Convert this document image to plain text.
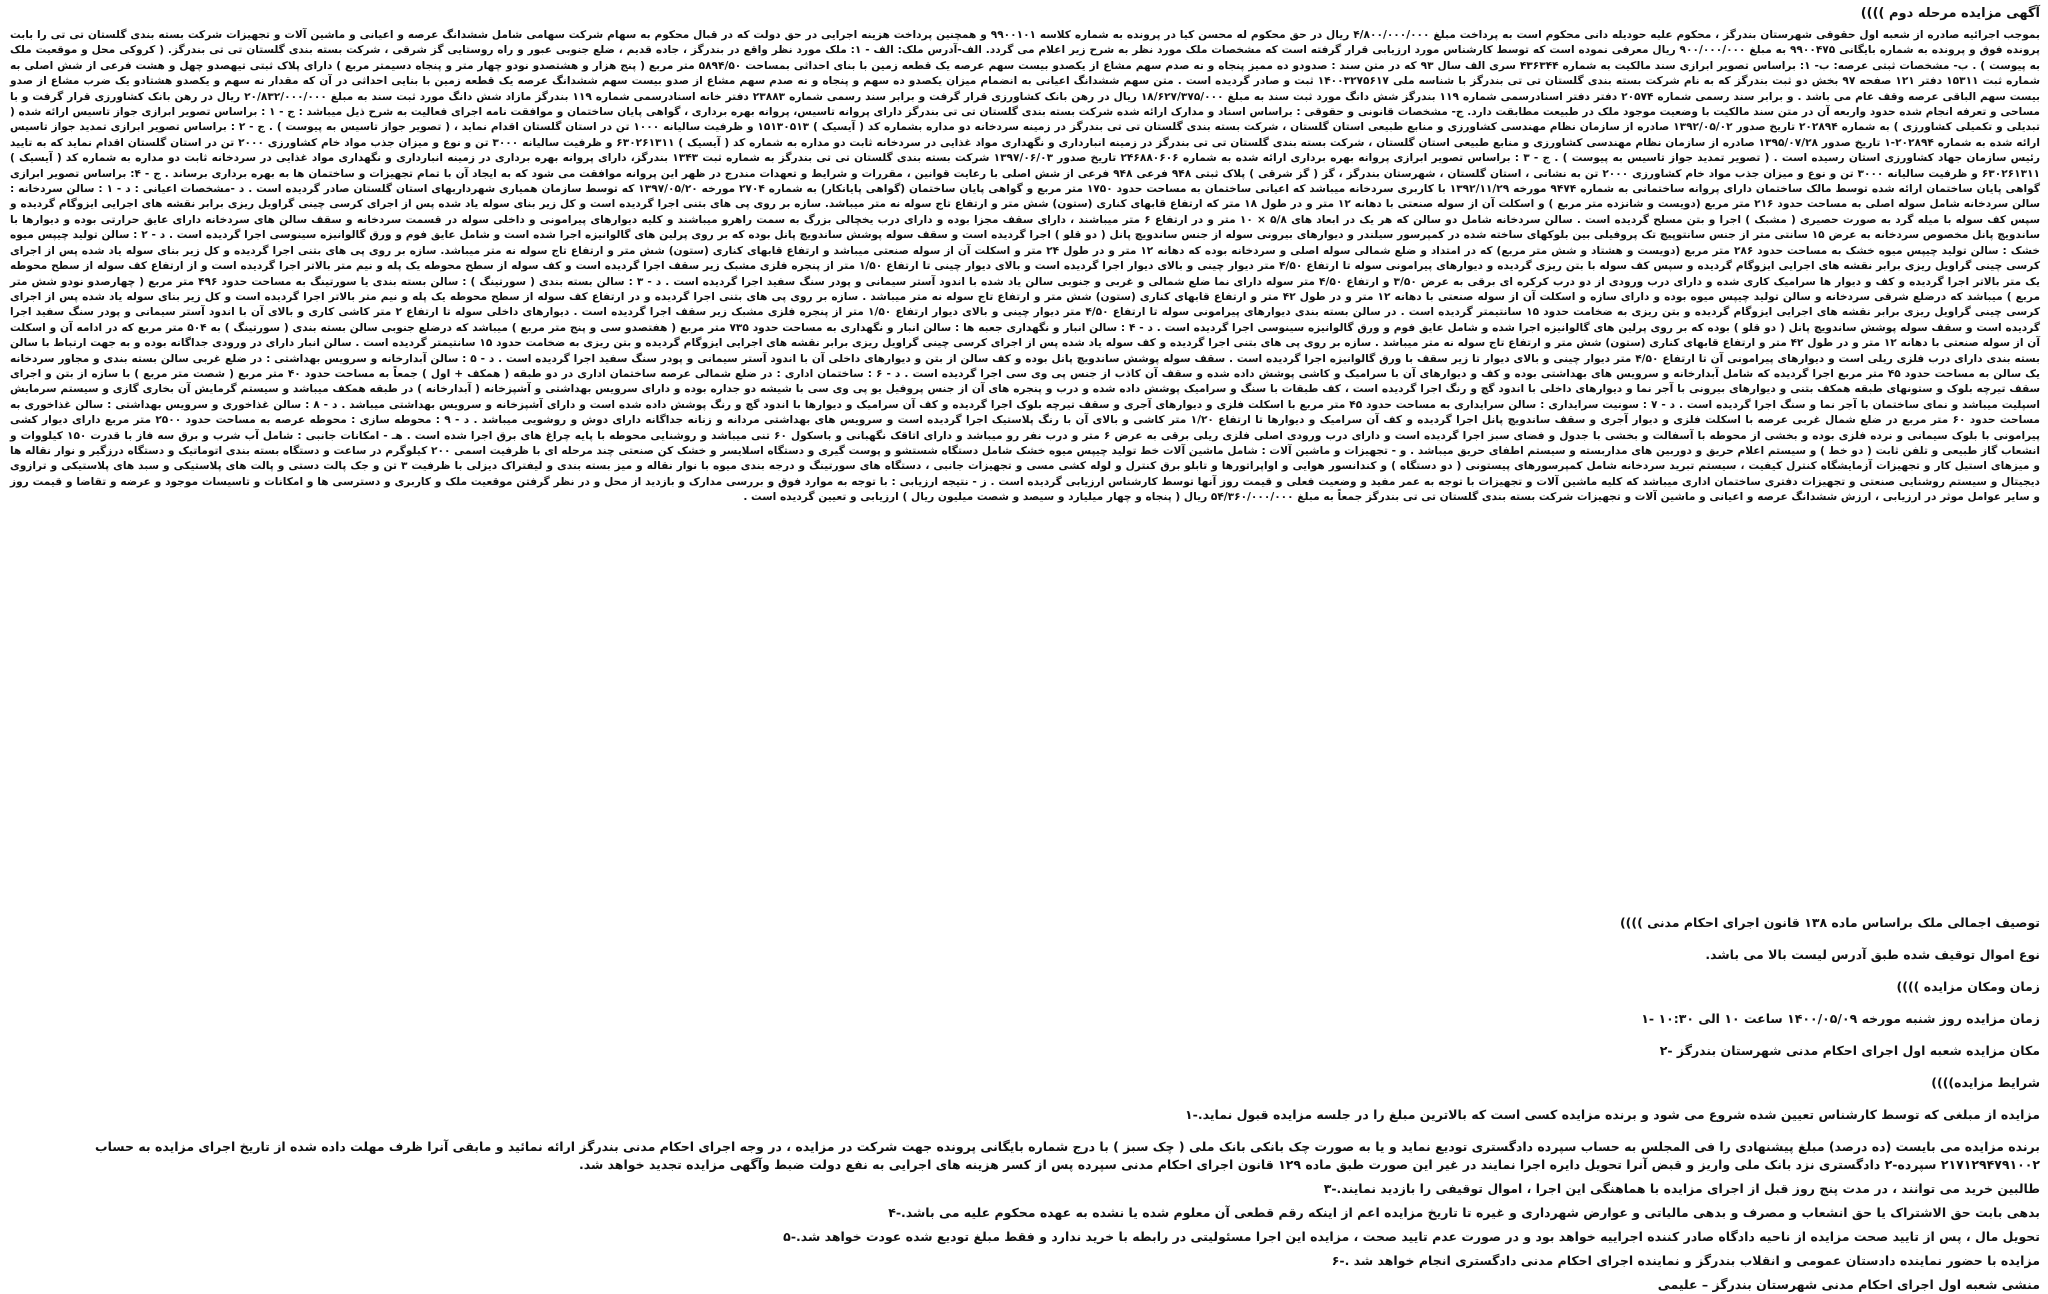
آگهی مزایده مرحله دوم ))))

بموجب اجرائیه صادره از شعبه اول حقوقی شهرستان بندرگز ، محکوم علیه حودیله دانی محکوم است به پرداخت مبلغ ۴/۸۰۰/۰۰۰/۰۰۰ ریال در حق محکوم له محسن کیا در پرونده به شماره کلاسه ۹۹۰۰۱۰۱ و همچنین پرداخت هزینه اجرایی در حق دولت که در قبال محکوم به سهام شرکت سهامی شامل ششدانگ عرصه و اعیانی و ماشین آلات و تجهیزات شرکت بسته بندی گلستان تی تی را بابت پرونده فوق و پرونده به شماره بایگانی ۹۹۰۰۴۷۵ به مبلغ ۹۰۰/۰۰۰/۰۰۰ ریال معرفی نموده است که توسط کارشناس مورد ارزیابی قرار گرفته است که مشخصات ملک مورد نظر به شرح زیر اعلام می گردد. الف-آدرس ملک: الف - ۱: ملک مورد نظر واقع در بندرگز ، جاده قدیم ، ضلع جنوبی عبور و راه روستایی گز شرقی ، شرکت بسته بندی گلستان تی تی بندرگز. ( کروکی محل و موقعیت ملک به پیوست ) . ب- مشخصات ثبتی عرصه: ب- ۱: براساس تصویر ابرازی سند مالکیت به شماره ۴۳۶۳۴۴ سری الف سال ۹۳ که در متن سند : صدودو ده ممیز پنجاه و نه صدم سهم مشاع از یکصدو بیست سهم عرصه یک قطعه زمین با بنای احداثی بمساحت ۵۸۹۴/۵۰ متر مربع ( پنج هزار و هشتصدو نودو چهار متر و پنجاه دسیمتر مربع ) دارای پلاک ثبتی تیهصدو چهل و هشت فرعی از شش اصلی به شماره ثبت ۱۵۳۱۱ دفتر ۱۲۱ صفحه ۹۷ بخش دو ثبت بندرگز که به نام شرکت بسته بندی گلستان تی تی بندرگز با شناسه ملی ۱۴۰۰۳۲۷۵۶۱۷ ثبت و صادر گردیده است . متن سهم ششدانگ اعیانی به انضمام میزان یکصدو ده سهم و پنجاه و نه صدم سهم مشاع از صدو بیست سهم ششدانگ عرصه یک قطعه زمین با بنایی احداثی در آن که مقدار نه سهم و یکصدو هشتادو یک ضرب مشاع از صدو بیست سهم الباقی عرصه وقف عام می باشد . و برابر سند رسمی شماره ۲۰۵۷۴ دفتر دفتر اسنادرسمی شماره ۱۱۹ بندرگز شش دانگ مورد ثبت سند به مبلغ ۱۸/۶۲۷/۳۷۵/۰۰۰ ریال در رهن بانک کشاورزی قرار گرفت و برابر سند رسمی شماره ۲۳۸۸۳ دفتر خانه اسنادرسمی شماره ۱۱۹ بندرگز مازاد شش دانگ مورد ثبت سند به مبلغ ۲۰/۸۳۲/۰۰۰/۰۰۰ ریال در رهن بانک کشاورزی قرار گرفت و با مساحی و تعرفه انجام شده حدود واربعه آن در متن سند مالکیت با وضعیت موجود ملک در طبیعت مطابقت دارد. ج- مشخصات قانونی و حقوقی : براساس اسناد و مدارک ارائه شده شرکت بسته بندی گلستان تی تی بندرگز دارای پروانه تاسیس، پروانه بهره برداری ، گواهی پایان ساختمان و موافقت نامه اجرای فعالیت به شرح ذیل میباشد : ج - ۱ : براساس تصویر ابرازی جواز تاسیس ارائه شده ( تبدیلی و تکمیلی کشاورزی ) به شماره ۲۰۲۸۹۴ تاریخ صدور ۱۳۹۲/۰۵/۰۲ صادره از سازمان نظام مهندسی کشاورزی و منابع طبیعی استان گلستان ، شرکت بسته بندی گلستان تی تی بندرگز در زمینه سردخانه دو مداره بشماره کد ( آیسیک ) ۱۵۱۳۰۵۱۳ و ظرفیت سالیانه ۱۰۰۰ تن در استان گلستان اقدام نماید ، ( تصویر جواز تاسیس به پیوست ) . ج - ۲ : براساس تصویر ابرازی تمدید جواز تاسیس ارائه شده به شماره ۲۰۲۸۹۴-۱ تاریخ صدور ۱۳۹۵/۰۷/۲۸ صادره از سازمان نظام مهندسی کشاورزی و منابع طبیعی استان گلستان ، شرکت بسته بندی گلستان تی تی بندرگز در زمینه انبارداری و نگهداری مواد غذایی در سردخانه ثابت دو مداره به شماره کد ( آیسیک ) ۶۳۰۲۶۱۳۱۱ و ظرفیت سالیانه ۳۰۰۰ تن و نوع و میزان جذب مواد خام کشاورزی ۲۰۰۰ تن در استان گلستان اقدام نماید که به تایید رئیس سازمان جهاد کشاورزی استان رسیده است . ( تصویر تمدید جواز تاسیس به پیوست ) . ج - ۳ : براساس تصویر ابرازی پروانه بهره برداری ارائه شده به شماره ۲۴۶۸۸۰۶۰۶ تاریخ صدور ۱۳۹۷/۰۶/۰۳ شرکت بسته بندی گلستان تی تی بندرگز به شماره ثبت ۱۳۴۳ بندرگز، دارای پروانه بهره برداری در زمینه انبارداری و نگهداری مواد غذایی در سردخانه ثابت دو مداره به شماره کد ( آیسیک ) ۶۳۰۲۶۱۳۱۱ و ظرفیت سالیانه ۳۰۰۰ تن و نوع و میزان جذب مواد خام کشاورزی ۲۰۰۰ تن به نشانی ، استان گلستان ، شهرستان بندرگز ، گز ( گز شرقی ) پلاک ثبتی ۹۴۸ فرعی ۹۴۸ فرعی از شش اصلی با رعایت قوانین ، مقررات و شرایط و تعهدات مندرج در ظهر این پروانه موافقت می شود که به ایجاد آن با تمام تجهیزات و ساختمان ها به بهره برداری برساند . ج - ۴: براساس تصویر ابرازی گواهی پایان ساختمان ارائه شده توسط مالک ساختمان دارای پروانه ساختمانی به شماره ۹۴۷۴ مورخه ۱۳۹۲/۱۱/۲۹ با کاربری سردخانه میباشد که اعیانی ساختمان به مساحت حدود ۱۷۵۰ متر مربع و گواهی پایان ساختمان (گواهی پایانکار) به شماره ۲۷۰۴ مورخه ۱۳۹۷/۰۵/۲۰ که توسط سازمان همیاری شهرداریهای استان گلستان صادر گردیده است . د -مشخصات اعیانی : د - ۱ : سالن سردخانه : سالن سردخانه شامل سوله اصلی به مساحت حدود ۲۱۶ متر مربع (دویست و شانزده متر مربع ) و اسکلت آن از سوله صنعتی با دهانه ۱۲ متر و در طول ۱۸ متر که ارتفاع قابهای کناری (ستون) شش متر و ارتفاع تاج سوله نه متر میباشد. سازه بر روی پی های بتنی اجرا گردیده است و کل زیر بنای سوله یاد شده پس از اجرای کرسی چینی گراویل ریزی برابر نقشه های اجرایی ایزوگام گردیده و سپس کف سوله با میله گرد به صورت حصیری ( مشبک ) اجرا و بتن مسلح گردیده است . سالن سردخانه شامل دو سالن که هر یک در ابعاد های ۵/۸ × ۱۰ متر و در ارتفاع ۶ متر میباشند ، دارای سقف مجزا بوده و دارای درب یخچالی بزرگ به سمت راهرو میباشند و کلیه دیوارهای پیرامونی و داخلی سوله در قسمت سردخانه و سقف سالن های سردخانه دارای عایق حرارتی بوده و دیوارها با ساندویچ پانل مخصوص سردخانه به عرض ۱۵ سانتی متر از جنس سانتوپیچ تک پروفیلی بین بلوکهای ساخته شده در کمپرسور سیلندر و دیوارهای بیرونی سوله از جنس ساندویچ پانل ( دو قلو ) اجرا گردیده است و سقف سوله پوشش ساندویچ پانل بوده که بر روی پرلین های گالوانیزه اجرا شده است و شامل عایق فوم و ورق گالوانیزه سینوسی اجرا گردیده است . د - ۲ : سالن تولید چیپس میوه خشک : سالن تولید چیپس میوه خشک به مساحت حدود ۲۸۶ متر مربع (دویست و هشتاد و شش متر مربع) که در امتداد و ضلع شمالی سوله اصلی و سردخانه بوده که دهانه ۱۲ متر و در طول ۲۴ متر و اسکلت آن از سوله صنعتی میباشد و ارتفاع قابهای کناری (ستون) شش متر و ارتفاع تاج سوله نه متر میباشد. سازه بر روی پی های بتنی اجرا گردیده و کل زیر بنای سوله یاد شده پس از اجرای کرسی چینی گراویل ریزی برابر نقشه های اجرایی ایزوگام گردیده و سپس کف سوله با بتن ریزی گردیده و دیوارهای پیرامونی سوله تا ارتفاع ۴/۵۰ متر دیوار چینی و بالای دیوار اجرا گردیده است و بالای دیوار چینی تا ارتفاع ۱/۵۰ متر از پنجره فلزی مشبک زیر سقف اجرا گردیده است و کف سوله از سطح محوطه یک پله و نیم متر بالاتر اجرا گردیده است و از ارتفاع کف سوله از سطح محوطه یک متر بالاتر اجرا گردیده و کف و دیوار ها سرامیک کاری شده و دارای درب ورودی از دو درب کرکره ای برقی به عرض ۳/۵۰ و ارتفاع ۴/۵۰ متر سوله دارای نما ضلع شمالی و غربی و جنوبی سالن یاد شده با اندود آستر سیمانی و پودر سنگ سفید اجرا گردیده است . د - ۳ : سالن بسته بندی ( سورتینگ ) : سالن بسته بندی یا سورتینگ به مساحت حدود ۴۹۶ متر مربع ( چهارصدو نودو شش متر مربع ) میباشد که درضلع شرقی سردخانه و سالن تولید چیپس میوه بوده و دارای سازه و اسکلت آن از سوله صنعتی با دهانه ۱۲ متر و در طول ۴۲ متر و ارتفاع قابهای کناری (ستون) شش متر و ارتفاع تاج سوله نه متر میباشد . سازه بر روی پی های بتنی اجرا گردیده و در ارتفاع کف سوله از سطح محوطه یک پله و نیم متر بالاتر اجرا گردیده است و کل زیر بنای سوله یاد شده پس از اجرای کرسی چینی گراویل ریزی برابر نقشه های اجرایی ایزوگام گردیده و بتن ریزی به ضخامت حدود ۱۵ سانتیمتر گردیده است . در سالن بسته بندی دیوارهای پیرامونی سوله تا ارتفاع ۴/۵۰ متر دیوار چینی و بالای دیوار ارتفاع ۱/۵۰ متر از پنجره فلزی مشبک زیر سقف اجرا گردیده است . دیوارهای داخلی سوله تا ارتفاع ۲ متر کاشی کاری و بالای آن با اندود آستر سیمانی و پودر سنگ سفید اجرا گردیده است و سقف سوله پوشش ساندویچ پانل ( دو قلو ) بوده که بر روی پرلین های گالوانیزه اجرا شده و شامل عایق فوم و ورق گالوانیزه سینوسی اجرا گردیده است . د - ۴ : سالن انبار و نگهداری جعبه ها : سالن انبار و نگهداری به مساحت حدود ۷۳۵ متر مربع ( هفتصدو سی و پنج متر مربع ) میباشد که درضلع جنوبی سالن بسته بندی ( سورتینگ ) به ۵۰۴ متر مربع که در ادامه آن و اسکلت آن از سوله صنعتی با دهانه ۱۲ متر و در طول ۴۲ متر و ارتفاع قابهای کناری (ستون) شش متر و ارتفاع تاج سوله نه متر میباشد . سازه بر روی پی های بتنی اجرا گردیده و کف سوله یاد شده پس از اجرای کرسی چینی گراویل ریزی برابر نقشه های اجرایی ایزوگام گردیده و بتن ریزی به ضخامت حدود ۱۵ سانتیمتر گردیده است . سالن انبار دارای در ورودی جداگانه بوده و به جهت ارتباط با سالن بسته بندی دارای درب فلزی ریلی است و دیوارهای پیرامونی آن تا ارتفاع ۴/۵۰ متر دیوار چینی و بالای دیوار تا زیر سقف با ورق گالوانیزه اجرا گردیده است . سقف سوله پوشش ساندویچ پانل بوده و کف سالن از بتن و دیوارهای داخلی آن با اندود آستر سیمانی و پودر سنگ سفید اجرا گردیده است . د - ۵ : سالن آبدارخانه و سرویس بهداشتی : در ضلع غربی سالن بسته بندی و مجاور سردخانه یک سالن به مساحت حدود ۴۵ متر مربع اجرا گردیده که شامل آبدارخانه و سرویس های بهداشتی بوده و کف و دیوارهای آن با سرامیک و کاشی پوشش داده شده و سقف آن کاذب از جنس پی وی سی اجرا گردیده است . د - ۶ : ساختمان اداری : در ضلع شمالی عرصه ساختمان اداری در دو طبقه ( همکف + اول ) جمعاً به مساحت حدود ۴۰ متر مربع ( شصت متر مربع ) با سازه از بتن و اجرای سقف تیرچه بلوک و ستونهای طبقه همکف بتنی و دیوارهای بیرونی با آجر نما و دیوارهای داخلی با اندود گچ و رنگ اجرا گردیده است ، کف طبقات با سنگ و سرامیک پوشش داده شده و درب و پنجره های آن از جنس پروفیل یو پی وی سی با شیشه دو جداره بوده و دارای سرویس بهداشتی و آشپزخانه ( آبدارخانه ) در طبقه همکف میباشد و سیستم گرمایش آن بخاری گازی و سیستم سرمایش اسپلیت میباشد و نمای ساختمان با آجر نما و سنگ اجرا گردیده است . د - ۷ : سونیت سرایداری : سالن سرایداری به مساحت حدود ۴۵ متر مربع با اسکلت فلزی و دیوارهای آجری و سقف تیرچه بلوک اجرا گردیده و کف آن سرامیک و دیوارها با اندود گچ و رنگ پوشش داده شده است و دارای آشپزخانه و سرویس بهداشتی میباشد . د - ۸ : سالن غذاخوری و سرویس بهداشتی : سالن غذاخوری به مساحت حدود ۶۰ متر مربع در ضلع شمال غربی عرصه با اسکلت فلزی و دیوار آجری و سقف ساندویچ پانل اجرا گردیده و کف آن سرامیک و دیوارها تا ارتفاع ۱/۲۰ متر کاشی و بالای آن با رنگ پلاستیک اجرا گردیده است و سرویس های بهداشتی مردانه و زنانه جداگانه دارای دوش و روشویی میباشد . د - ۹ : محوطه سازی : محوطه عرصه به مساحت حدود ۲۵۰۰ متر مربع دارای دیوار کشی پیرامونی با بلوک سیمانی و نرده فلزی بوده و بخشی از محوطه با آسفالت و بخشی با جدول و فضای سبز اجرا گردیده است و دارای درب ورودی اصلی فلزی ریلی برقی به عرض ۶ متر و درب نفر رو میباشد و دارای اتاقک نگهبانی و باسکول ۶۰ تنی میباشد و روشنایی محوطه با پایه چراغ های برق اجرا شده است . هـ - امکانات جانبی : شامل آب شرب و برق سه فاز با قدرت ۱۵۰ کیلووات و انشعاب گاز طبیعی و تلفن ثابت ( دو خط ) و سیستم اعلام حریق و دوربین های مداربسته و سیستم اطفای حریق میباشد . و - تجهیزات و ماشین آلات : شامل ماشین آلات خط تولید چیپس میوه خشک شامل دستگاه شستشو و پوست گیری و دستگاه اسلایسر و خشک کن صنعتی چند مرحله ای با ظرفیت اسمی ۲۰۰ کیلوگرم در ساعت و دستگاه بسته بندی اتوماتیک و دستگاه درزگیر و نوار نقاله ها و میزهای استیل کار و تجهیزات آزمایشگاه کنترل کیفیت ، سیستم تبرید سردخانه شامل کمپرسورهای پیستونی ( دو دستگاه ) و کندانسور هوایی و اواپراتورها و تابلو برق کنترل و لوله کشی مسی و تجهیزات جانبی ، دستگاه های سورتینگ و درجه بندی میوه با نوار نقاله و میز بسته بندی و لیفتراک دیزلی با ظرفیت ۳ تن و جک پالت دستی و پالت های پلاستیکی و سبد های پلاستیکی و ترازوی دیجیتال و سیستم روشنایی صنعتی و تجهیزات دفتری ساختمان اداری میباشد که کلیه ماشین آلات و تجهیزات با توجه به عمر مفید و وضعیت فعلی و قیمت روز آنها توسط کارشناس ارزیابی گردیده است . ز - نتیجه ارزیابی : با توجه به موارد فوق و بررسی مدارک و بازدید از محل و در نظر گرفتن موقعیت ملک و کاربری و دسترسی ها و امکانات و تاسیسات موجود و عرضه و تقاضا و قیمت روز و سایر عوامل موثر در ارزیابی ، ارزش ششدانگ عرصه و اعیانی و ماشین آلات و تجهیزات شرکت بسته بندی گلستان تی تی بندرگز جمعاً به مبلغ ۵۴/۳۶۰/۰۰۰/۰۰۰ ریال ( پنجاه و چهار میلیارد و سیصد و شصت میلیون ریال ) ارزیابی و تعیین گردیده است .

توصیف اجمالی ملک براساس ماده ۱۳۸ قانون اجرای احکام مدنی ))))
نوع اموال توقیف شده طبق آدرس لیست بالا می باشد.
زمان ومکان مزایده ))))
زمان مزایده روز شنبه مورخه ۱۴۰۰/۰۵/۰۹ ساعت ۱۰ الی ۱۰:۳۰ -۱
مکان مزایده شعبه اول اجرای احکام مدنی شهرستان بندرگز -۲
شرایط مزایده))))
مزایده از مبلغی که توسط کارشناس تعیین شده شروع می شود و برنده مزایده کسی است که بالاترین مبلغ را در جلسه مزایده قبول نماید.-۱
برنده مزایده می بایست (ده درصد) مبلغ پیشنهادی را فی المجلس به حساب سپرده دادگستری تودیع نماید و یا به صورت چک بانکی بانک ملی ( چک سبز ) با درج شماره بایگانی پرونده جهت شرکت در مزایده ، در وجه اجرای احکام مدنی بندرگز ارائه نمائید و مابقی آنرا ظرف مهلت داده شده از تاریخ اجرای مزایده به حساب ۲۱۷۱۲۹۴۷۹۱۰۰۲ سپرده-۲ دادگستری نزد بانک ملی واریز و قبض آنرا تحویل دایره اجرا نمایند در غیر این صورت طبق ماده ۱۲۹ قانون اجرای احکام مدنی سپرده پس از کسر هزینه های اجرایی به نفع دولت ضبط وآگهی مزایده تجدید خواهد شد.
طالبین خرید می توانند ، در مدت پنج روز قبل از اجرای مزایده با هماهنگی این اجرا ، اموال توقیفی را بازدید نمایند.-۳
بدهی بابت حق الاشتراک یا حق انشعاب و مصرف و بدهی مالیاتی و عوارض شهرداری و غیره تا تاریخ مزایده اعم از اینکه رقم قطعی آن معلوم شده یا نشده به عهده محکوم علیه می باشد.-۴
تحویل مال ، پس از تایید صحت مزایده از ناحیه دادگاه صادر کننده اجراییه خواهد بود و در صورت عدم تایید صحت ، مزایده این اجرا مسئولیتی در رابطه با خرید ندارد و فقط مبلغ تودیع شده عودت خواهد شد.-۵
مزایده با حضور نماینده دادستان عمومی و انقلاب بندرگز و نماینده اجرای احکام مدنی دادگستری انجام خواهد شد .-۶
منشی شعبه اول اجرای احکام مدنی شهرستان بندرگز – علیمی
